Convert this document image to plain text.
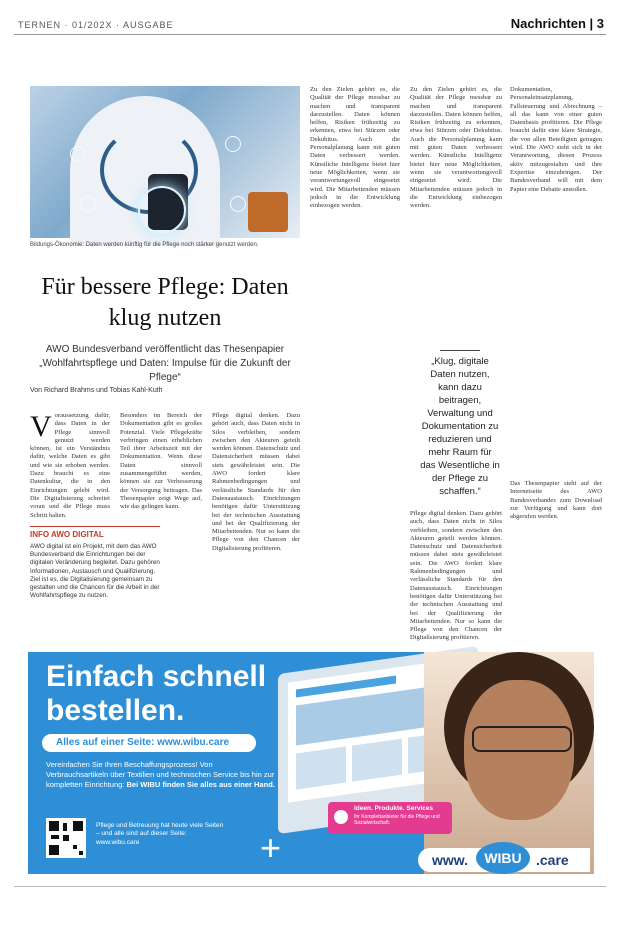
TERNEN · 01/202X · AUSGABE	Nachrichten | 3
Bildungs-Ökonomie: Daten werden künftig für die Pflege noch stärker genutzt werden.
Für bessere Pflege: Daten klug nutzen
AWO Bundesverband veröffentlicht das Thesenpapier „Wohlfahrtspflege und Daten: Impulse für die Zukunft der Pflege“
Von Richard Brahms und Tobias Kahl-Kuth
Voraussetzung dafür, dass Daten in der Pflege sinnvoll genutzt werden können, ist ein Verständnis dafür, welche Daten es gibt und wie sie erhoben werden. Dazu braucht es eine Datenkultur, die in den Einrichtungen gelebt wird. Die Digitalisierung schreitet voran und die Pflege muss Schritt halten.
Besonders im Bereich der Dokumentation gibt es großes Potenzial. Viele Pflegekräfte verbringen einen erheblichen Teil ihrer Arbeitszeit mit der Dokumentation. Wenn diese Daten sinnvoll zusammengeführt werden, können sie zur Verbesserung der Versorgung beitragen. Das Thesenpapier zeigt Wege auf, wie das gelingen kann.
INFO AWO DIGITAL
AWO digital ist ein Projekt, mit dem das AWO Bundesverband die Einrichtungen bei der digitalen Veränderung begleitet. Dazu gehören Informationen, Austausch und Qualifizierung. Ziel ist es, die Digitalisierung gemeinsam zu gestalten und die Chancen für die Arbeit in der Wohlfahrtspflege zu nutzen.
Pflege digital denken. Dazu gehört auch, dass Daten nicht in Silos verbleiben, sondern zwischen den Akteuren geteilt werden können. Datenschutz und Datensicherheit müssen dabei stets gewährleistet sein. Die AWO fordert klare Rahmenbedingungen und verlässliche Standards für den Datenaustausch. Einrichtungen benötigen dafür Unterstützung bei der technischen Ausstattung und bei der Qualifizierung der Mitarbeitenden. Nur so kann die Pflege von den Chancen der Digitalisierung profitieren.
Zu den Zielen gehört es, die Qualität der Pflege messbar zu machen und transparent darzustellen. Daten können helfen, Risiken frühzeitig zu erkennen, etwa bei Stürzen oder Dekubitus. Auch die Personalplanung kann mit guten Daten verbessert werden. Künstliche Intelligenz bietet hier neue Möglichkeiten, wenn sie verantwortungsvoll eingesetzt wird. Die Mitarbeitenden müssen jedoch in die Entwicklung einbezogen werden.
Zu den Zielen gehört es, die Qualität der Pflege messbar zu machen und transparent darzustellen. Daten können helfen, Risiken frühzeitig zu erkennen, etwa bei Stürzen oder Dekubitus. Auch die Personalplanung kann mit guten Daten verbessert werden. Künstliche Intelligenz bietet hier neue Möglichkeiten, wenn sie verantwortungsvoll eingesetzt wird. Die Mitarbeitenden müssen jedoch in die Entwicklung einbezogen werden.
„Klug, digitale Daten nutzen, kann dazu beitragen, Verwaltung und Dokumentation zu reduzieren und mehr Raum für das Wesentliche in der Pflege zu schaffen.“
Pflege digital denken. Dazu gehört auch, dass Daten nicht in Silos verbleiben, sondern zwischen den Akteuren geteilt werden können. Datenschutz und Datensicherheit müssen dabei stets gewährleistet sein. Die AWO fordert klare Rahmenbedingungen und verlässliche Standards für den Datenaustausch. Einrichtungen benötigen dafür Unterstützung bei der technischen Ausstattung und bei der Qualifizierung der Mitarbeitenden. Nur so kann die Pflege von den Chancen der Digitalisierung profitieren.
Dokumentation, Personaleinsatzplanung, Fallsteuerung und Abrechnung – all das kann von einer guten Datenbasis profitieren. Die Pflege braucht dafür eine klare Strategie, die von allen Beteiligten getragen wird. Die AWO sieht sich in der Verantwortung, diesen Prozess aktiv mitzugestalten und ihre Expertise einzubringen. Der Bundesverband will mit dem Papier eine Debatte anstoßen.
Das Thesenpapier steht auf der Internetseite des AWO Bundesverbandes zum Download zur Verfügung und kann dort abgerufen werden.
Einfach schnell
bestellen.
Alles auf einer Seite: www.wibu.care
Vereinfachen Sie Ihren Beschaffungsprozess! Von Verbrauchsartikeln über Textilien und technischen Service bis hin zur kompletten Einrichtung: Bei WIBU finden Sie alles aus einer Hand.
Pflege und Betreuung hat heute viele Seiten – und alle sind auf dieser Seite: www.wibu.care	+
Ideen. Produkte. Services
Ihr Komplettanbieter für die Pflege und Sozialwirtschaft.
www.	WIBU	.care
